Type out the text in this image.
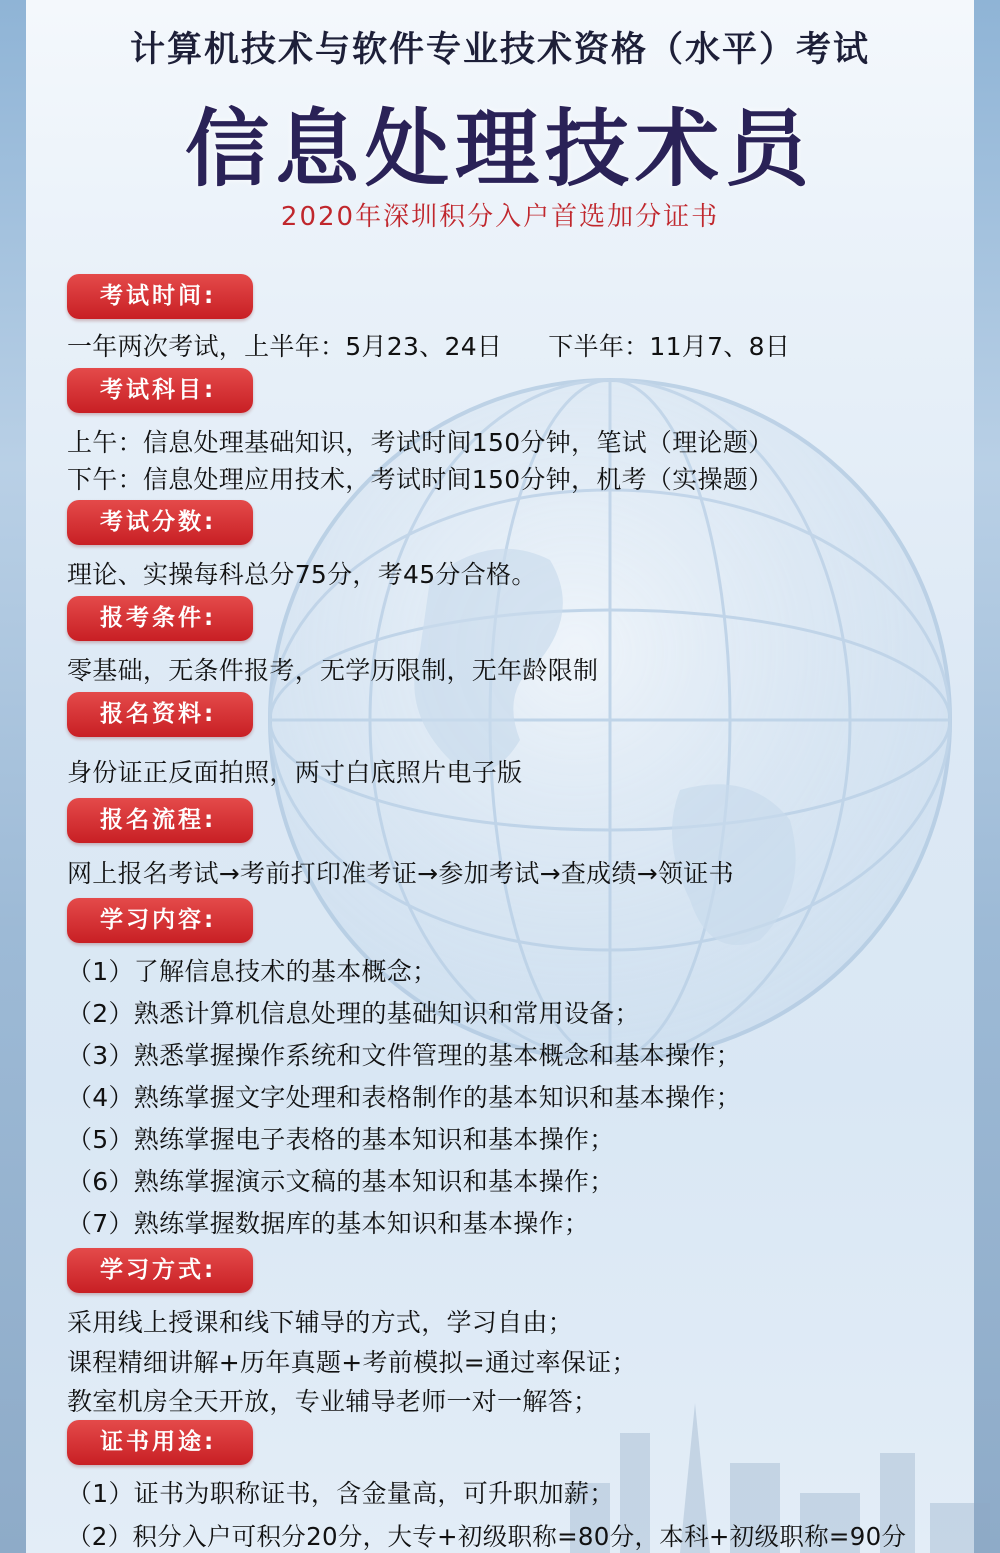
计算机技术与软件专业技术资格（水平）考试
信息处理技术员
2020年深圳积分入户首选加分证书
考试时间:
一年两次考试，上半年：5月23、24日 下半年：11月7、8日
考试科目:
上午：信息处理基础知识，考试时间150分钟，笔试（理论题）
下午：信息处理应用技术，考试时间150分钟，机考（实操题）
考试分数:
理论、实操每科总分75分，考45分合格。
报考条件:
零基础，无条件报考，无学历限制，无年龄限制
报名资料:
身份证正反面拍照，两寸白底照片电子版
报名流程:
网上报名考试→考前打印准考证→参加考试→查成绩→领证书
学习内容:
（1）了解信息技术的基本概念；
（2）熟悉计算机信息处理的基础知识和常用设备；
（3）熟悉掌握操作系统和文件管理的基本概念和基本操作；
（4）熟练掌握文字处理和表格制作的基本知识和基本操作；
（5）熟练掌握电子表格的基本知识和基本操作；
（6）熟练掌握演示文稿的基本知识和基本操作；
（7）熟练掌握数据库的基本知识和基本操作；
学习方式:
采用线上授课和线下辅导的方式，学习自由；
课程精细讲解+历年真题+考前模拟=通过率保证；
教室机房全天开放，专业辅导老师一对一解答；
证书用途:
（1）证书为职称证书，含金量高，可升职加薪；
（2）积分入户可积分20分，大专+初级职称=80分，本科+初级职称=90分
